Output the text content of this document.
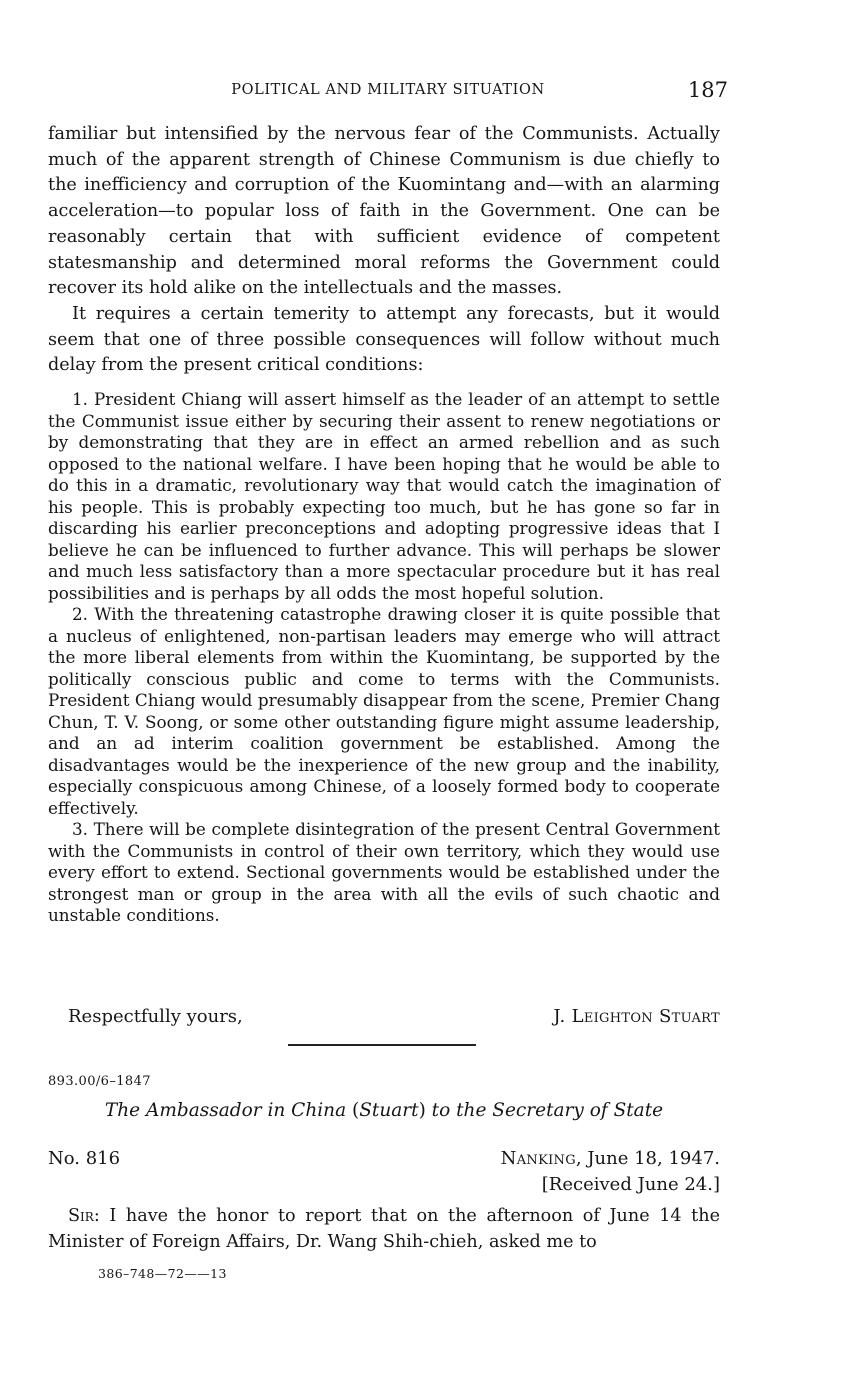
POLITICAL AND MILITARY SITUATION	187

familiar but intensified by the nervous fear of the Communists. Actually much of the apparent strength of Chinese Communism is due chiefly to the inefficiency and corruption of the Kuomintang and—with an alarming acceleration—to popular loss of faith in the Government. One can be reasonably certain that with sufficient evidence of competent statesmanship and determined moral reforms the Government could recover its hold alike on the intellectuals and the masses.

It requires a certain temerity to attempt any forecasts, but it would seem that one of three possible consequences will follow without much delay from the present critical conditions:

1. President Chiang will assert himself as the leader of an attempt to settle the Communist issue either by securing their assent to renew negotiations or by demonstrating that they are in effect an armed rebellion and as such opposed to the national welfare. I have been hoping that he would be able to do this in a dramatic, revolutionary way that would catch the imagination of his people. This is probably expecting too much, but he has gone so far in discarding his earlier preconceptions and adopting progressive ideas that I believe he can be influenced to further advance. This will perhaps be slower and much less satisfactory than a more spectacular procedure but it has real possibilities and is perhaps by all odds the most hopeful solution.

2. With the threatening catastrophe drawing closer it is quite possible that a nucleus of enlightened, non-partisan leaders may emerge who will attract the more liberal elements from within the Kuomintang, be supported by the politically conscious public and come to terms with the Communists. President Chiang would presumably disappear from the scene, Premier Chang Chun, T. V. Soong, or some other outstanding figure might assume leadership, and an ad interim coalition government be established. Among the disadvantages would be the inexperience of the new group and the inability, especially conspicuous among Chinese, of a loosely formed body to cooperate effectively.

3. There will be complete disintegration of the present Central Government with the Communists in control of their own territory, which they would use every effort to extend. Sectional governments would be established under the strongest man or group in the area with all the evils of such chaotic and unstable conditions.

Respectfully yours,	J. Leighton Stuart
893.00/6–1847
The Ambassador in China (Stuart) to the Secretary of State
No. 816	Nanking, June 18, 1947.
[Received June 24.]

Sir: I have the honor to report that on the afternoon of June 14 the Minister of Foreign Affairs, Dr. Wang Shih-chieh, asked me to

386–748—72——13
